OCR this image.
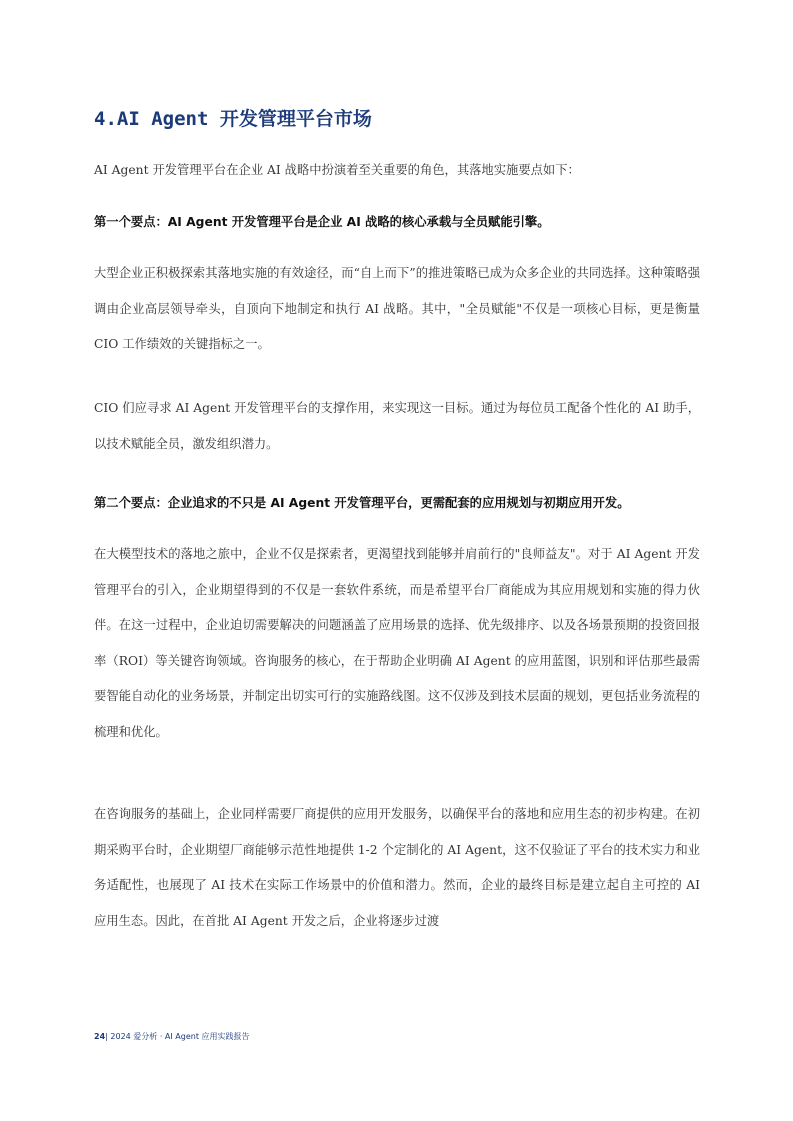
4.AI Agent 开发管理平台市场
AI Agent 开发管理平台在企业 AI 战略中扮演着至关重要的角色，其落地实施要点如下：
第一个要点：AI Agent 开发管理平台是企业 AI 战略的核心承载与全员赋能引擎。
大型企业正积极探索其落地实施的有效途径，而“自上而下”的推进策略已成为众多企业的共同选择。这种策略强调由企业高层领导牵头，自顶向下地制定和执行 AI 战略。其中，"全员赋能"不仅是一项核心目标，更是衡量 CIO 工作绩效的关键指标之一。
CIO 们应寻求 AI Agent 开发管理平台的支撑作用，来实现这一目标。通过为每位员工配备个性化的 AI 助手，以技术赋能全员，激发组织潜力。
第二个要点：企业追求的不只是 AI Agent 开发管理平台，更需配套的应用规划与初期应用开发。
在大模型技术的落地之旅中，企业不仅是探索者，更渴望找到能够并肩前行的"良师益友"。对于 AI Agent 开发管理平台的引入，企业期望得到的不仅是一套软件系统，而是希望平台厂商能成为其应用规划和实施的得力伙伴。在这一过程中，企业迫切需要解决的问题涵盖了应用场景的选择、优先级排序、以及各场景预期的投资回报率（ROI）等关键咨询领域。咨询服务的核心，在于帮助企业明确 AI Agent 的应用蓝图，识别和评估那些最需要智能自动化的业务场景，并制定出切实可行的实施路线图。这不仅涉及到技术层面的规划，更包括业务流程的梳理和优化。
在咨询服务的基础上，企业同样需要厂商提供的应用开发服务，以确保平台的落地和应用生态的初步构建。在初期采购平台时，企业期望厂商能够示范性地提供 1-2 个定制化的 AI Agent，这不仅验证了平台的技术实力和业务适配性，也展现了 AI 技术在实际工作场景中的价值和潜力。然而，企业的最终目标是建立起自主可控的 AI 应用生态。因此，在首批 AI Agent 开发之后，企业将逐步过渡
24| 2024 爱分析 · AI Agent 应用实践报告
